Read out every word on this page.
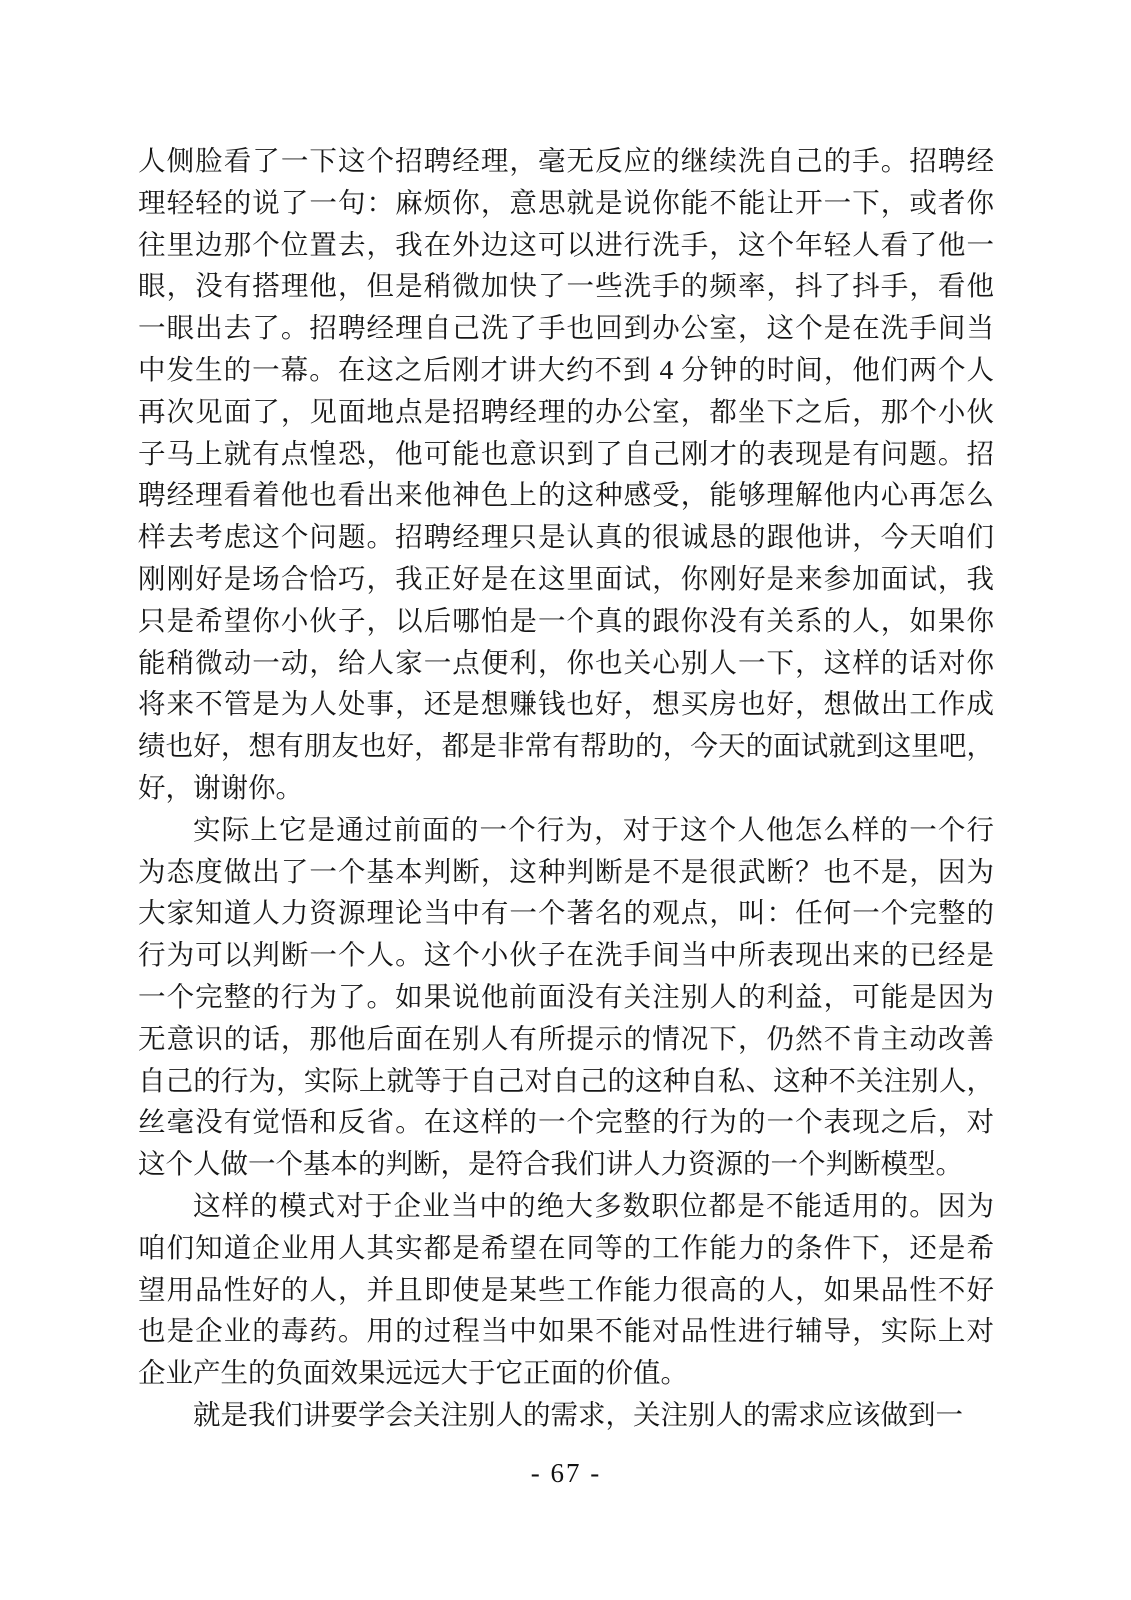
人侧脸看了一下这个招聘经理，毫无反应的继续洗自己的手。招聘经
理轻轻的说了一句：麻烦你，意思就是说你能不能让开一下，或者你
往里边那个位置去，我在外边这可以进行洗手，这个年轻人看了他一
眼，没有搭理他，但是稍微加快了一些洗手的频率，抖了抖手，看他
一眼出去了。招聘经理自己洗了手也回到办公室，这个是在洗手间当
中发生的一幕。在这之后刚才讲大约不到 4 分钟的时间，他们两个人
再次见面了，见面地点是招聘经理的办公室，都坐下之后，那个小伙
子马上就有点惶恐，他可能也意识到了自己刚才的表现是有问题。招
聘经理看着他也看出来他神色上的这种感受，能够理解他内心再怎么
样去考虑这个问题。招聘经理只是认真的很诚恳的跟他讲，今天咱们
刚刚好是场合恰巧，我正好是在这里面试，你刚好是来参加面试，我
只是希望你小伙子，以后哪怕是一个真的跟你没有关系的人，如果你
能稍微动一动，给人家一点便利，你也关心别人一下，这样的话对你
将来不管是为人处事，还是想赚钱也好，想买房也好，想做出工作成
绩也好，想有朋友也好，都是非常有帮助的，今天的面试就到这里吧，
好，谢谢你。
实际上它是通过前面的一个行为，对于这个人他怎么样的一个行
为态度做出了一个基本判断，这种判断是不是很武断？也不是，因为
大家知道人力资源理论当中有一个著名的观点，叫：任何一个完整的
行为可以判断一个人。这个小伙子在洗手间当中所表现出来的已经是
一个完整的行为了。如果说他前面没有关注别人的利益，可能是因为
无意识的话，那他后面在别人有所提示的情况下，仍然不肯主动改善
自己的行为，实际上就等于自己对自己的这种自私、这种不关注别人，
丝毫没有觉悟和反省。在这样的一个完整的行为的一个表现之后，对
这个人做一个基本的判断，是符合我们讲人力资源的一个判断模型。
这样的模式对于企业当中的绝大多数职位都是不能适用的。因为
咱们知道企业用人其实都是希望在同等的工作能力的条件下，还是希
望用品性好的人，并且即使是某些工作能力很高的人，如果品性不好
也是企业的毒药。用的过程当中如果不能对品性进行辅导，实际上对
企业产生的负面效果远远大于它正面的价值。
就是我们讲要学会关注别人的需求，关注别人的需求应该做到一
- 67 -
